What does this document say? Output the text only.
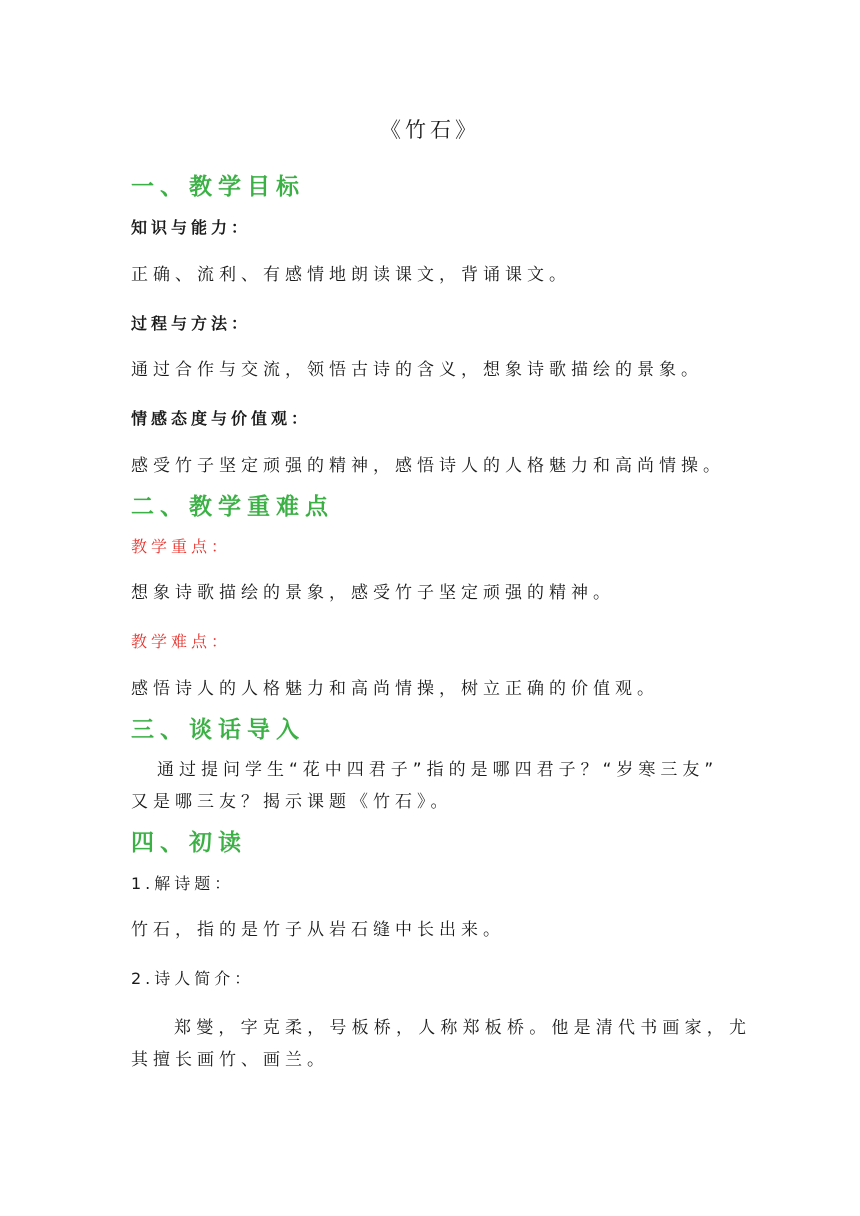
《竹石》
一、教学目标
知识与能力：
正确、流利、有感情地朗读课文，背诵课文。
过程与方法：
通过合作与交流，领悟古诗的含义，想象诗歌描绘的景象。
情感态度与价值观：
感受竹子坚定顽强的精神，感悟诗人的人格魅力和高尚情操。
二、教学重难点
教学重点：
想象诗歌描绘的景象，感受竹子坚定顽强的精神。
教学难点：
感悟诗人的人格魅力和高尚情操，树立正确的价值观。
三、谈话导入
通过提问学生“花中四君子”指的是哪四君子？“岁寒三友”
又是哪三友？揭示课题《竹石》。
四、初读
1.解诗题：
竹石，指的是竹子从岩石缝中长出来。
2.诗人简介：
郑燮，字克柔，号板桥，人称郑板桥。他是清代书画家，尤
其擅长画竹、画兰。
